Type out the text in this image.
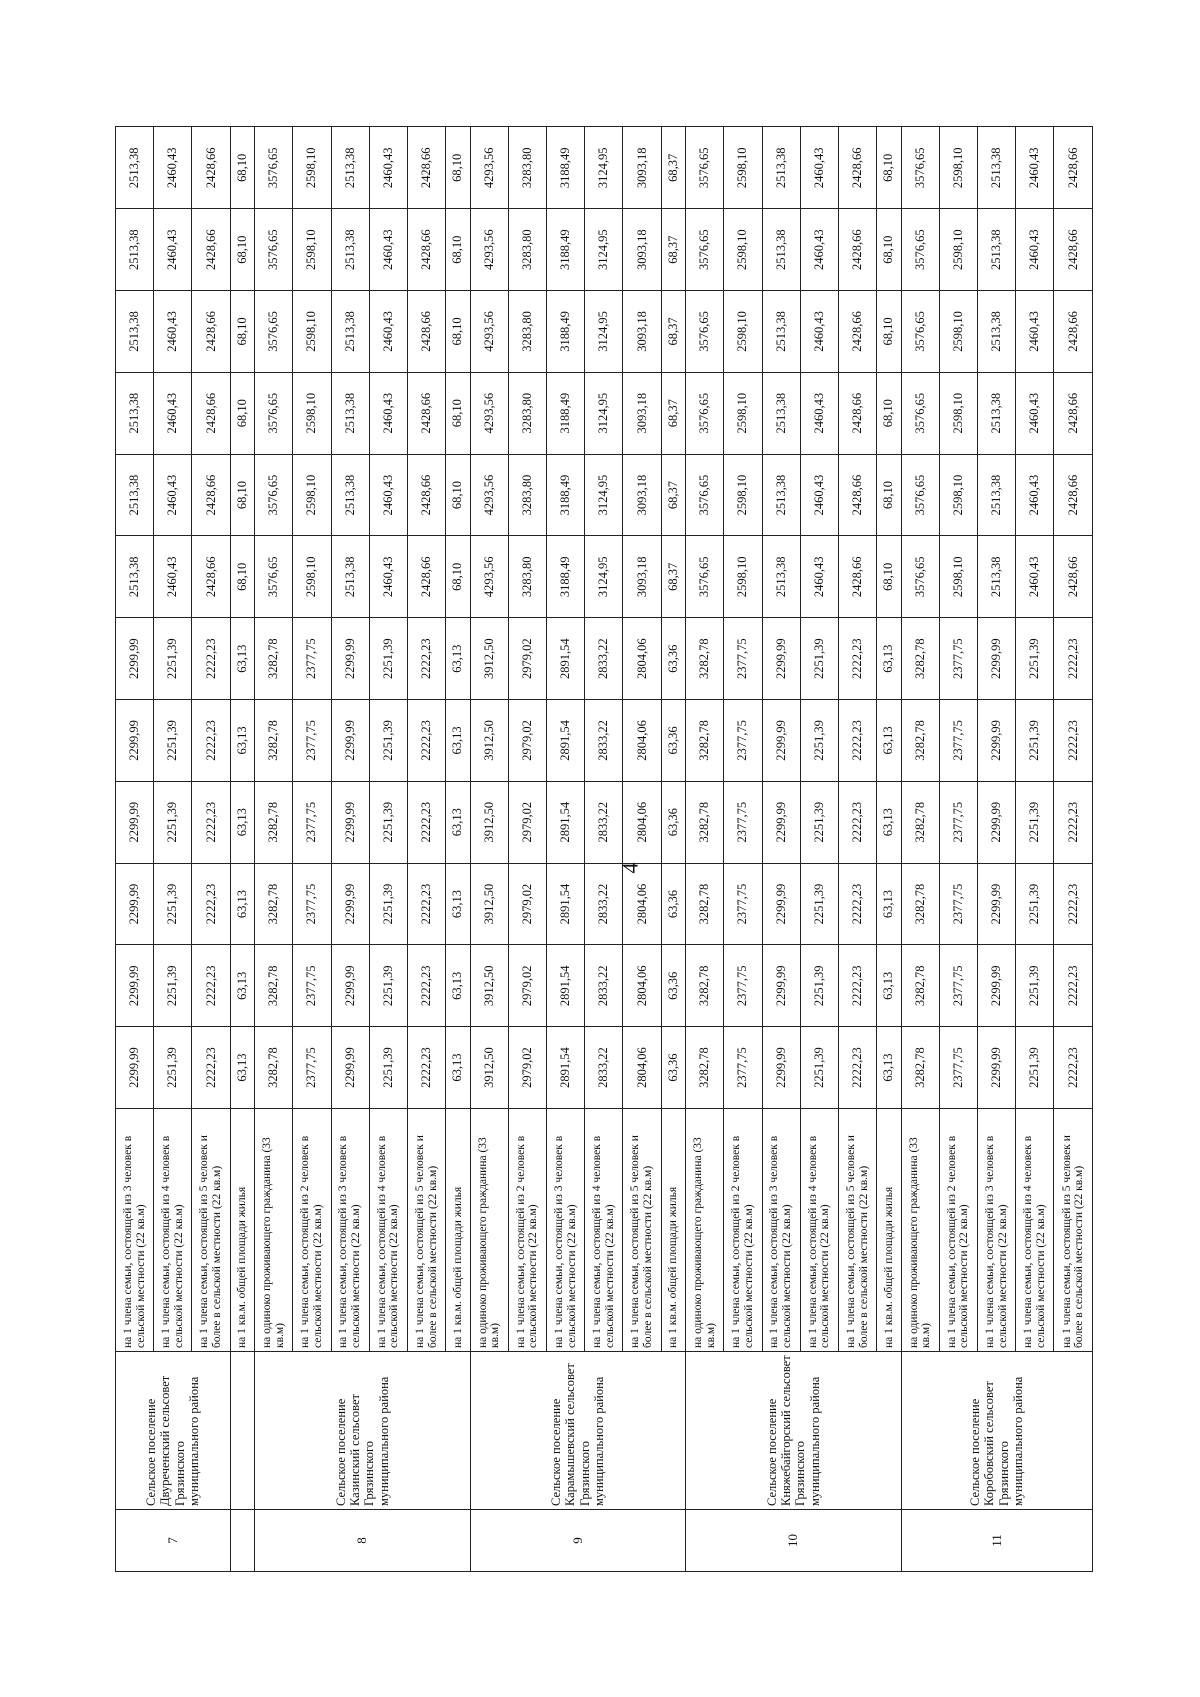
7	Сельское поселение Двуреченский сельсовет Грязинского муниципального района	на 1 члена семьи, состоящей из 3 человек в сельской местности (22 кв.м)	2299,99	2299,99	2299,99	2299,99	2299,99	2299,99	2513,38	2513,38	2513,38	2513,38	2513,38	2513,38
		на 1 члена семьи, состоящей из 4 человек в сельской местности (22 кв.м)	2251,39	2251,39	2251,39	2251,39	2251,39	2251,39	2460,43	2460,43	2460,43	2460,43	2460,43	2460,43
		на 1 члена семьи, состоящей из 5 человек и более в сельской местности (22 кв.м)	2222,23	2222,23	2222,23	2222,23	2222,23	2222,23	2428,66	2428,66	2428,66	2428,66	2428,66	2428,66
		на 1 кв.м. общей площади жилья	63,13	63,13	63,13	63,13	63,13	63,13	68,10	68,10	68,10	68,10	68,10	68,10
8	Сельское поселение Казинский сельсовет Грязинского муниципального района	на одиноко проживающего гражданина (33 кв.м)	3282,78	3282,78	3282,78	3282,78	3282,78	3282,78	3576,65	3576,65	3576,65	3576,65	3576,65	3576,65
		на 1 члена семьи, состоящей из 2 человек в сельской местности (22 кв.м)	2377,75	2377,75	2377,75	2377,75	2377,75	2377,75	2598,10	2598,10	2598,10	2598,10	2598,10	2598,10
		на 1 члена семьи, состоящей из 3 человек в сельской местности (22 кв.м)	2299,99	2299,99	2299,99	2299,99	2299,99	2299,99	2513,38	2513,38	2513,38	2513,38	2513,38	2513,38
		на 1 члена семьи, состоящей из 4 человек в сельской местности (22 кв.м)	2251,39	2251,39	2251,39	2251,39	2251,39	2251,39	2460,43	2460,43	2460,43	2460,43	2460,43	2460,43
		на 1 члена семьи, состоящей из 5 человек и более в сельской местности (22 кв.м)	2222,23	2222,23	2222,23	2222,23	2222,23	2222,23	2428,66	2428,66	2428,66	2428,66	2428,66	2428,66
		на 1 кв.м. общей площади жилья	63,13	63,13	63,13	63,13	63,13	63,13	68,10	68,10	68,10	68,10	68,10	68,10
9	Сельское поселение Карамышевский сельсовет Грязинского муниципального района	на одиноко проживающего гражданина (33 кв.м)	3912,50	3912,50	3912,50	3912,50	3912,50	3912,50	4293,56	4293,56	4293,56	4293,56	4293,56	4293,56
		на 1 члена семьи, состоящей из 2 человек в сельской местности (22 кв.м)	2979,02	2979,02	2979,02	2979,02	2979,02	2979,02	3283,80	3283,80	3283,80	3283,80	3283,80	3283,80
		на 1 члена семьи, состоящей из 3 человек в сельской местности (22 кв.м)	2891,54	2891,54	2891,54	2891,54	2891,54	2891,54	3188,49	3188,49	3188,49	3188,49	3188,49	3188,49
		на 1 члена семьи, состоящей из 4 человек в сельской местности (22 кв.м)	2833,22	2833,22	2833,22	2833,22	2833,22	2833,22	3124,95	3124,95	3124,95	3124,95	3124,95	3124,95
		на 1 члена семьи, состоящей из 5 человек и более в сельской местности (22 кв.м)	2804,06	2804,06	2804,06	2804,06	2804,06	2804,06	3093,18	3093,18	3093,18	3093,18	3093,18	3093,18
		на 1 кв.м. общей площади жилья	63,36	63,36	63,36	63,36	63,36	63,36	68,37	68,37	68,37	68,37	68,37	68,37
10	Сельское поселение Княжебайгорский сельсовет Грязинского муниципального района	на одиноко проживающего гражданина (33 кв.м)	3282,78	3282,78	3282,78	3282,78	3282,78	3282,78	3576,65	3576,65	3576,65	3576,65	3576,65	3576,65
		на 1 члена семьи, состоящей из 2 человек в сельской местности (22 кв.м)	2377,75	2377,75	2377,75	2377,75	2377,75	2377,75	2598,10	2598,10	2598,10	2598,10	2598,10	2598,10
		на 1 члена семьи, состоящей из 3 человек в сельской местности (22 кв.м)	2299,99	2299,99	2299,99	2299,99	2299,99	2299,99	2513,38	2513,38	2513,38	2513,38	2513,38	2513,38
		на 1 члена семьи, состоящей из 4 человек в сельской местности (22 кв.м)	2251,39	2251,39	2251,39	2251,39	2251,39	2251,39	2460,43	2460,43	2460,43	2460,43	2460,43	2460,43
		на 1 члена семьи, состоящей из 5 человек и более в сельской местности (22 кв.м)	2222,23	2222,23	2222,23	2222,23	2222,23	2222,23	2428,66	2428,66	2428,66	2428,66	2428,66	2428,66
		на 1 кв.м. общей площади жилья	63,13	63,13	63,13	63,13	63,13	63,13	68,10	68,10	68,10	68,10	68,10	68,10
11	Сельское поселение Коробовский сельсовет Грязинского муниципального района	на одиноко проживающего гражданина (33 кв.м)	3282,78	3282,78	3282,78	3282,78	3282,78	3282,78	3576,65	3576,65	3576,65	3576,65	3576,65	3576,65
		на 1 члена семьи, состоящей из 2 человек в сельской местности (22 кв.м)	2377,75	2377,75	2377,75	2377,75	2377,75	2377,75	2598,10	2598,10	2598,10	2598,10	2598,10	2598,10
		на 1 члена семьи, состоящей из 3 человек в сельской местности (22 кв.м)	2299,99	2299,99	2299,99	2299,99	2299,99	2299,99	2513,38	2513,38	2513,38	2513,38	2513,38	2513,38
		на 1 члена семьи, состоящей из 4 человек в сельской местности (22 кв.м)	2251,39	2251,39	2251,39	2251,39	2251,39	2251,39	2460,43	2460,43	2460,43	2460,43	2460,43	2460,43
		на 1 члена семьи, состоящей из 5 человек и более в сельской местности (22 кв.м)	2222,23	2222,23	2222,23	2222,23	2222,23	2222,23	2428,66	2428,66	2428,66	2428,66	2428,66	2428,66
4
